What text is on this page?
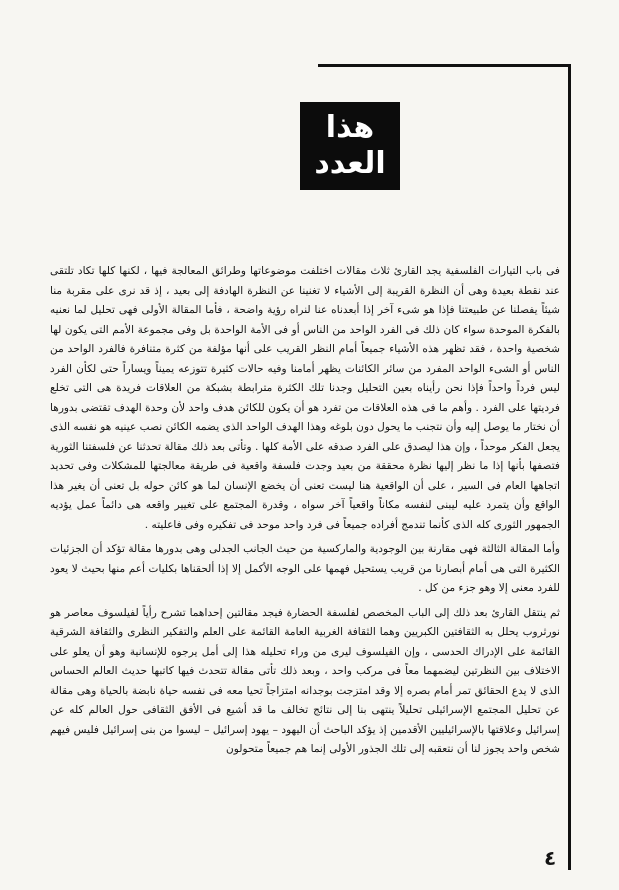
هذا
العدد

فى باب التيارات الفلسفية يجد القارئ ثلاث مقالات اختلفت موضوعاتها وطرائق المعالجة فيها ، لكنها كلها تكاد تلتقى عند نقطة بعيدة وهى أن النظرة القريبة إلى الأشياء لا تغنينا عن النظرة الهادفة إلى بعيد ، إذ قد نرى على مقربة منا شيئاً يفصلنا عن طبيعتنا فإذا هو شىء آخر إذا أبعدناه عنا لنراه رؤية واضحة ، فأما المقالة الأولى فهى تحليل لما نعنيه بالفكرة الموحدة سواء كان ذلك فى الفرد الواحد من الناس أو فى الأمة الواحدة بل وفى مجموعة الأمم التى يكون لها شخصية واحدة ، فقد تظهر هذه الأشياء جميعاً أمام النظر القريب على أنها مؤلفة من كثرة متنافرة فالفرد الواحد من الناس أو الشىء الواحد المفرد من سائر الكائنات يظهر أمامنا وفيه حالات كثيرة تتوزعه يميناً ويساراً حتى لكأن الفرد ليس فرداً واحداً فإذا نحن رأيناه بعين التحليل وجدنا تلك الكثرة مترابطة بشبكة من العلاقات فريدة هى التى تخلع فرديتها على الفرد . وأهم ما فى هذه العلاقات من تفرد هو أن يكون للكائن هدف واحد لأن وحدة الهدف تقتضى بدورها أن نختار ما يوصل إليه وأن نتجنب ما يحول دون بلوغه وهذا الهدف الواحد الذى يضمه الكائن نصب عينيه هو نفسه الذى يجعل الفكر موحداً ، وإن هذا ليصدق على الفرد صدقه على الأمة كلها . وتأتى بعد ذلك مقالة تحدثنا عن فلسفتنا الثورية فتصفها بأنها إذا ما نظر إليها نظرة محققة من بعيد وجدت فلسفة واقعية فى طريقة معالجتها للمشكلات وفى تحديد اتجاهها العام فى السير ، على أن الواقعية هنا ليست تعنى أن يخضع الإنسان لما هو كائن حوله بل تعنى أن يغير هذا الواقع وأن يتمرد عليه ليبنى لنفسه مكاناً واقعياً آخر سواه ، وقدرة المجتمع على تغيير واقعه هى دائماً عمل يؤديه الجمهور الثورى كله الذى كأنما تندمج أفراده جميعاً فى فرد واحد موحد فى تفكيره وفى فاعليته .

وأما المقالة الثالثة فهى مقارنة بين الوجودية والماركسية من حيث الجانب الجدلى وهى بدورها مقالة تؤكد أن الجزئيات الكثيرة التى هى أمام أبصارنا من قريب يستحيل فهمها على الوجه الأكمل إلا إذا ألحقناها بكليات أعم منها بحيث لا يعود للفرد معنى إلا وهو جزء من كل .

ثم ينتقل القارئ بعد ذلك إلى الباب المخصص لفلسفة الحضارة فيجد مقالتين إحداهما تشرح رأياً لفيلسوف معاصر هو نورثروب يحلل به الثقافتين الكبريين وهما الثقافة الغربية العامة القائمة على العلم والتفكير النظرى والثقافة الشرقية القائمة على الإدراك الحدسى ، وإن الفيلسوف ليرى من وراء تحليله هذا إلى أمل يرجوه للإنسانية وهو أن يعلو على الاختلاف بين النظرتين ليضمهما معاً فى مركب واحد ، وبعد ذلك تأتى مقالة تتحدث فيها كاتبها حديث العالم الحساس الذى لا يدع الحقائق تمر أمام بصره إلا وقد امتزجت بوجدانه امتزاجاً تحيا معه فى نفسه حياة نابضة بالحياة وهى مقالة عن تحليل المجتمع الإسرائيلى تحليلاً ينتهى بنا إلى نتائج تخالف ما قد أشيع فى الأفق الثقافى حول العالم كله عن إسرائيل وعلاقتها بالإسرائيليين الأقدمين إذ يؤكد الباحث أن اليهود – يهود إسرائيل – ليسوا من بنى إسرائيل فليس فيهم شخص واحد يجوز لنا أن نتعقبه إلى تلك الجذور الأولى إنما هم جميعاً متحولون

٤
